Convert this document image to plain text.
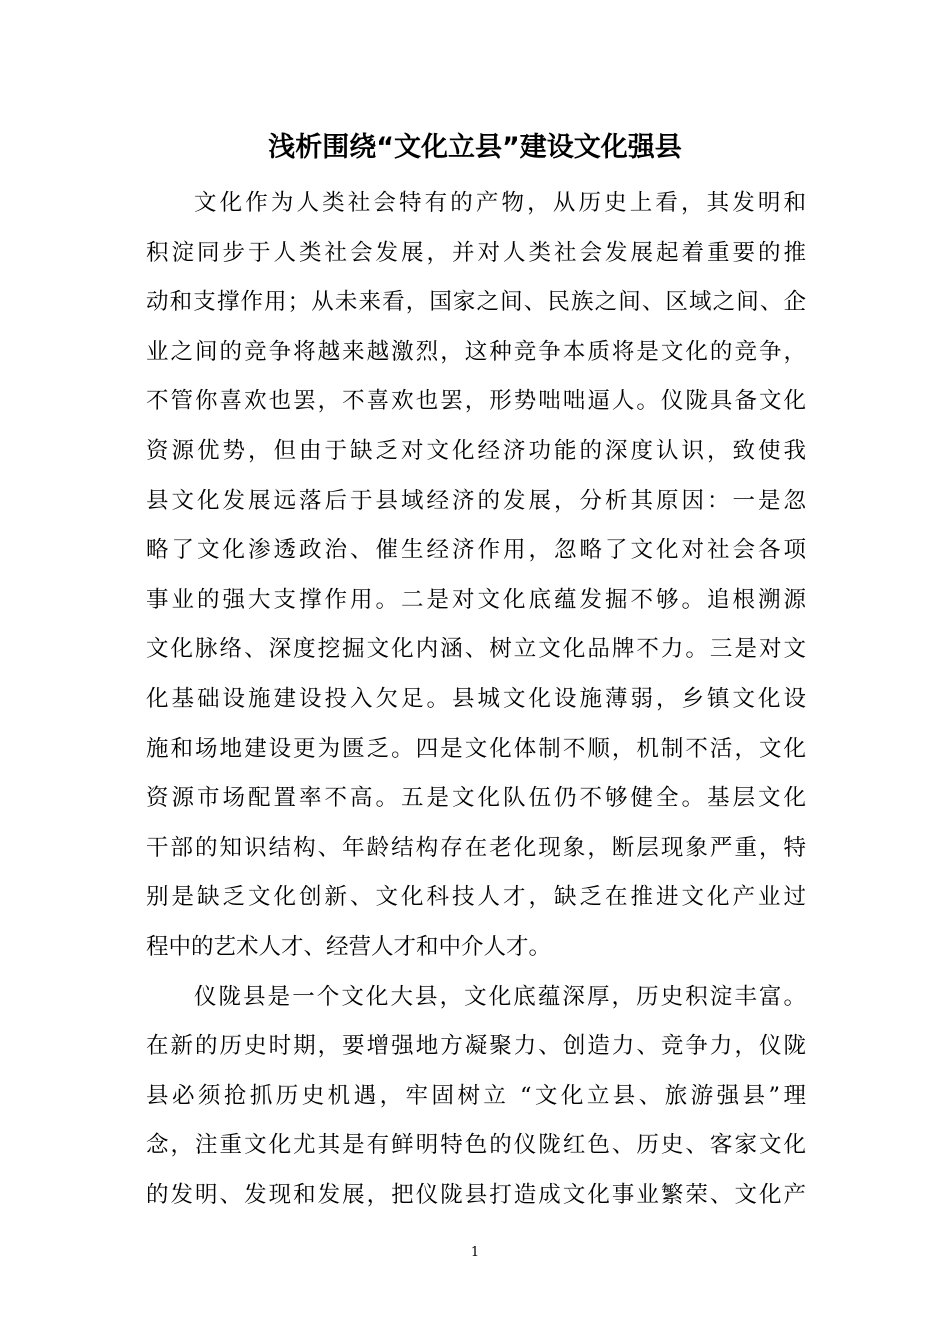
浅析围绕“文化立县”建设文化强县
文化作为人类社会特有的产物，从历史上看，其发明和
积淀同步于人类社会发展，并对人类社会发展起着重要的推
动和支撑作用；从未来看，国家之间、民族之间、区域之间、企
业之间的竞争将越来越激烈，这种竞争本质将是文化的竞争，
不管你喜欢也罢，不喜欢也罢，形势咄咄逼人。仪陇具备文化
资源优势，但由于缺乏对文化经济功能的深度认识，致使我
县文化发展远落后于县域经济的发展，分析其原因：一是忽
略了文化渗透政治、催生经济作用，忽略了文化对社会各项
事业的强大支撑作用。二是对文化底蕴发掘不够。追根溯源
文化脉络、深度挖掘文化内涵、树立文化品牌不力。三是对文
化基础设施建设投入欠足。县城文化设施薄弱，乡镇文化设
施和场地建设更为匮乏。四是文化体制不顺，机制不活，文化
资源市场配置率不高。五是文化队伍仍不够健全。基层文化
干部的知识结构、年龄结构存在老化现象，断层现象严重，特
别是缺乏文化创新、文化科技人才，缺乏在推进文化产业过
程中的艺术人才、经营人才和中介人才。
仪陇县是一个文化大县，文化底蕴深厚，历史积淀丰富。
在新的历史时期，要增强地方凝聚力、创造力、竞争力，仪陇
县必须抢抓历史机遇，牢固树立 “文化立县、旅游强县”理
念，注重文化尤其是有鲜明特色的仪陇红色、历史、客家文化
的发明、发现和发展，把仪陇县打造成文化事业繁荣、文化产
1
